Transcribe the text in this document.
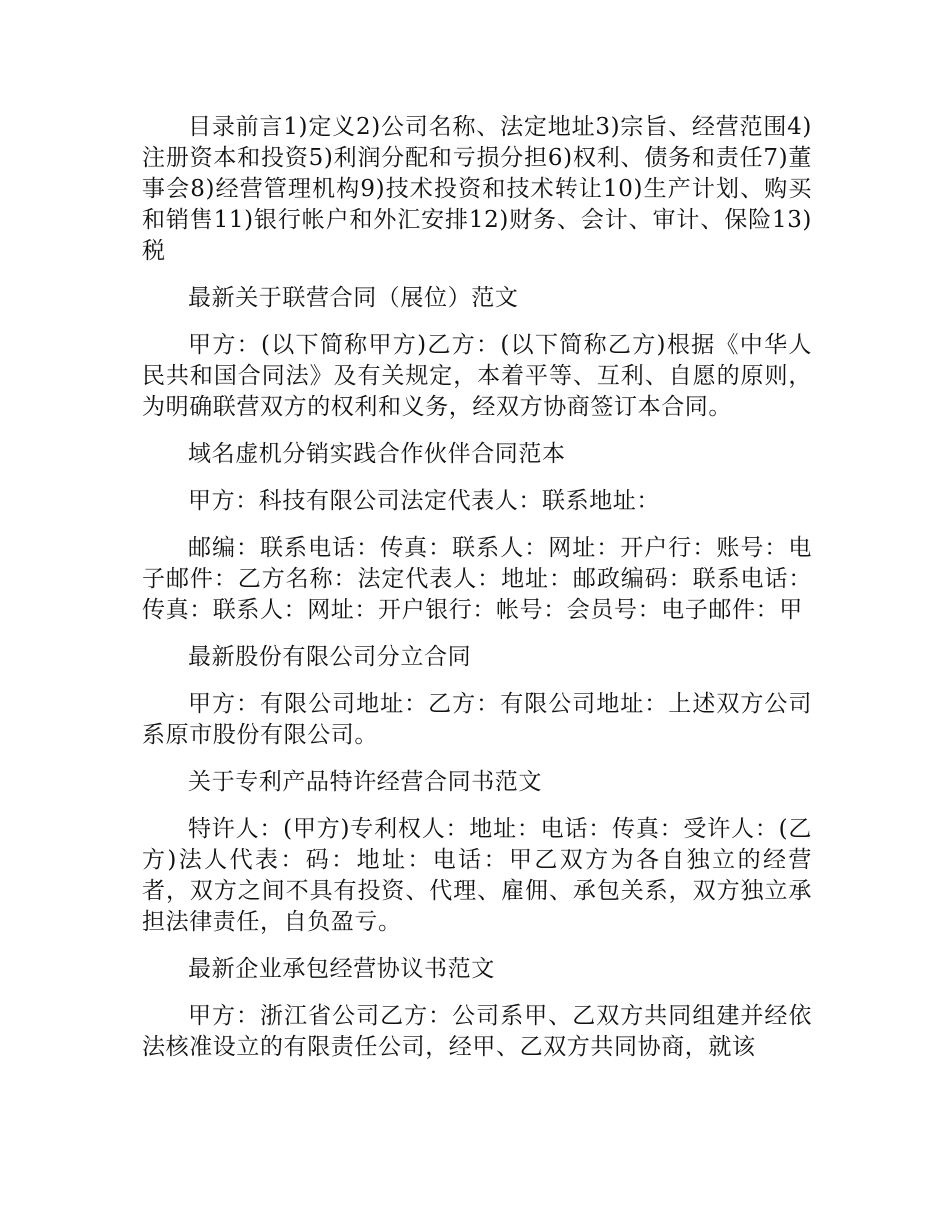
目录前言1)定义2)公司名称、法定地址3)宗旨、经营范围4)注册资本和投资5)利润分配和亏损分担6)权利、债务和责任7)董事会8)经营管理机构9)技术投资和技术转让10)生产计划、购买和销售11)银行帐户和外汇安排12)财务、会计、审计、保险13)税

最新关于联营合同（展位）范文

甲方：(以下简称甲方)乙方：(以下简称乙方)根据《中华人民共和国合同法》及有关规定，本着平等、互利、自愿的原则，为明确联营双方的权利和义务，经双方协商签订本合同。

域名虚机分销实践合作伙伴合同范本

甲方：科技有限公司法定代表人：联系地址：

邮编：联系电话：传真：联系人：网址：开户行：账号：电子邮件：乙方名称：法定代表人：地址：邮政编码：联系电话：传真：联系人：网址：开户银行：帐号：会员号：电子邮件：甲

最新股份有限公司分立合同

甲方：有限公司地址：乙方：有限公司地址：上述双方公司系原市股份有限公司。

关于专利产品特许经营合同书范文

特许人：(甲方)专利权人：地址：电话：传真：受许人：(乙方)法人代表：码：地址：电话：甲乙双方为各自独立的经营者，双方之间不具有投资、代理、雇佣、承包关系，双方独立承担法律责任，自负盈亏。

最新企业承包经营协议书范文

甲方：浙江省公司乙方：公司系甲、乙双方共同组建并经依法核准设立的有限责任公司，经甲、乙双方共同协商，就该
